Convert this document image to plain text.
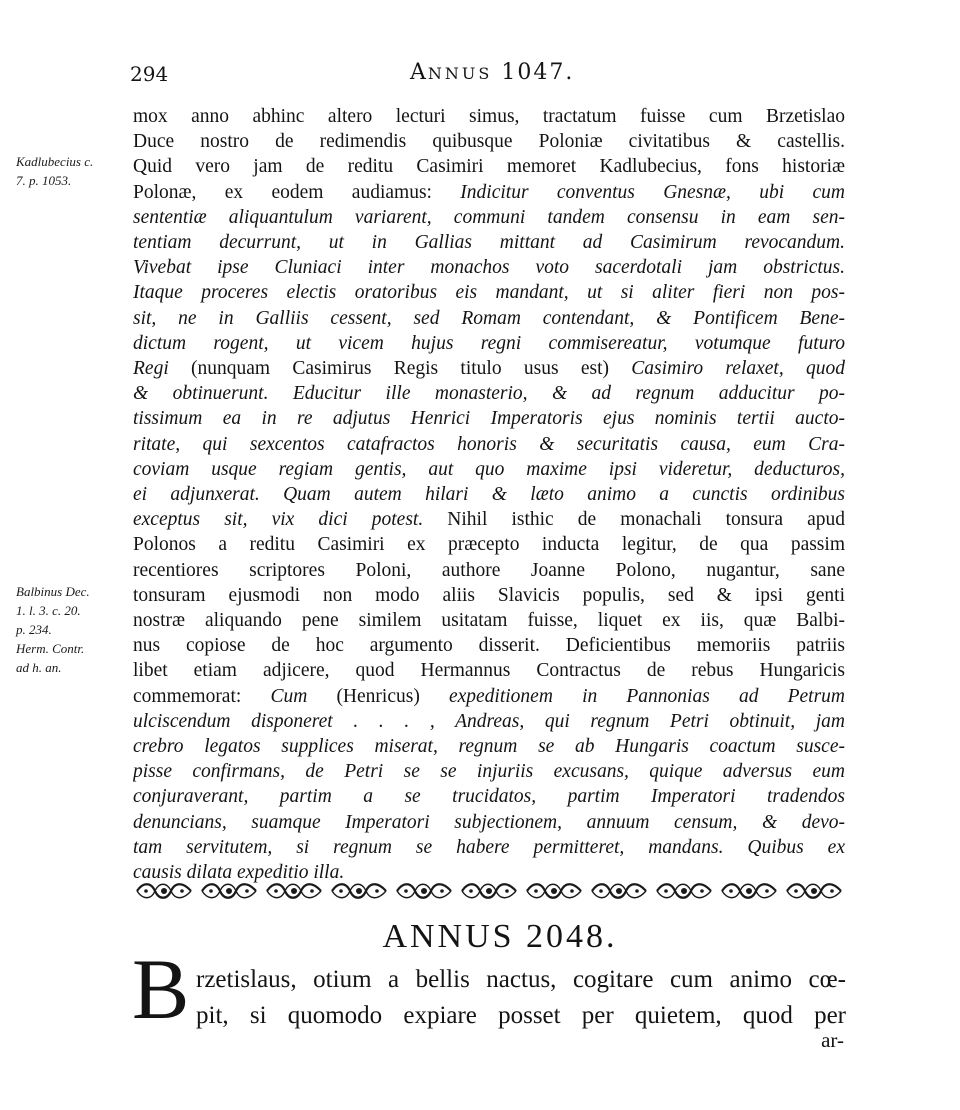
294	ANNUS 1047.
Kadlubecius c.
7. p. 1053.
Balbinus Dec.
1. l. 3. c. 20.
p. 234.
Herm. Contr.
ad h. an.
mox anno abhinc altero lecturi simus, tractatum fuisse cum Brzetislao
Duce nostro de redimendis quibusque Poloniæ civitatibus & castellis.
Quid vero jam de reditu Casimiri memoret Kadlubecius, fons historiæ
Polonæ, ex eodem audiamus: Indicitur conventus Gnesnæ, ubi cum
sententiæ aliquantulum variarent, communi tandem consensu in eam sen-
tentiam decurrunt, ut in Gallias mittant ad Casimirum revocandum.
Vivebat ipse Cluniaci inter monachos voto sacerdotali jam obstrictus.
Itaque proceres electis oratoribus eis mandant, ut si aliter fieri non pos-
sit, ne in Galliis cessent, sed Romam contendant, & Pontificem Bene-
dictum rogent, ut vicem hujus regni commisereatur, votumque futuro
Regi (nunquam Casimirus Regis titulo usus est) Casimiro relaxet, quod
& obtinuerunt. Educitur ille monasterio, & ad regnum adducitur po-
tissimum ea in re adjutus Henrici Imperatoris ejus nominis tertii aucto-
ritate, qui sexcentos catafractos honoris & securitatis causa, eum Cra-
coviam usque regiam gentis, aut quo maxime ipsi videretur, deducturos,
ei adjunxerat. Quam autem hilari & læto animo a cunctis ordinibus
exceptus sit, vix dici potest. Nihil isthic de monachali tonsura apud
Polonos a reditu Casimiri ex præcepto inducta legitur, de qua passim
recentiores scriptores Poloni, authore Joanne Polono, nugantur, sane
tonsuram ejusmodi non modo aliis Slavicis populis, sed & ipsi genti
nostræ aliquando pene similem usitatam fuisse, liquet ex iis, quæ Balbi-
nus copiose de hoc argumento disserit. Deficientibus memoriis patriis
libet etiam adjicere, quod Hermannus Contractus de rebus Hungaricis
commemorat: Cum (Henricus) expeditionem in Pannonias ad Petrum
ulciscendum disponeret . . . , Andreas, qui regnum Petri obtinuit, jam
crebro legatos supplices miserat, regnum se ab Hungaris coactum susce-
pisse confirmans, de Petri se se injuriis excusans, quique adversus eum
conjuraverant, partim a se trucidatos, partim Imperatori tradendos
denuncians, suamque Imperatori subjectionem, annuum censum, & devo-
tam servitutem, si regnum se habere permitteret, mandans. Quibus ex
causis dilata expeditio illa.
ANNUS 2048.
B rzetislaus, otium a bellis nactus, cogitare cum animo cœ-
pit, si quomodo expiare posset per quietem, quod per
ar-
